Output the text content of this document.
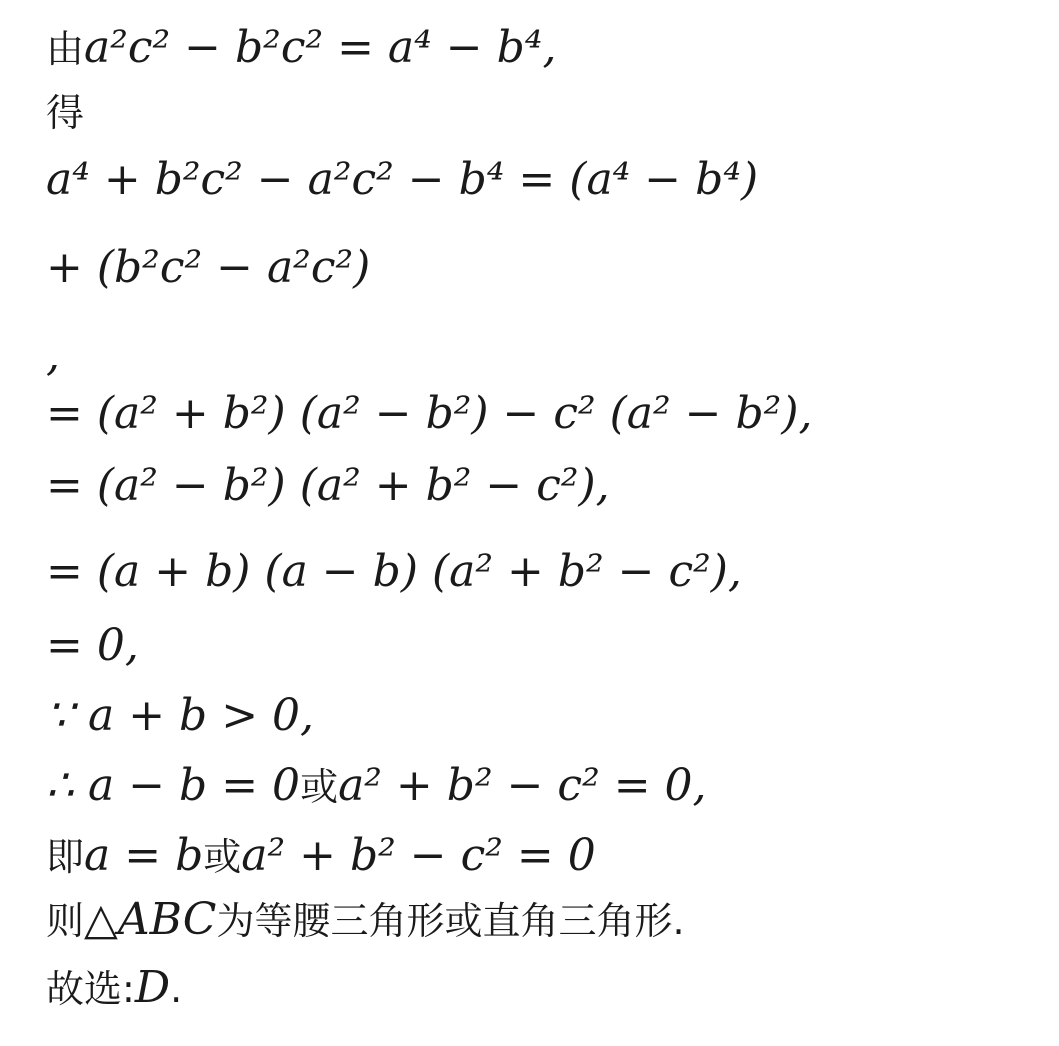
由a²c² − b²c² = a⁴ − b⁴,
得
a⁴ + b²c² − a²c² − b⁴ = (a⁴ − b⁴)
+ (b²c² − a²c²)
,
= (a² + b²) (a² − b²) − c² (a² − b²),
= (a² − b²) (a² + b² − c²),
= (a + b) (a − b) (a² + b² − c²),
= 0,
∵ a + b > 0,
∴ a − b = 0或a² + b² − c² = 0,
即a = b或a² + b² − c² = 0
则△ABC为等腰三角形或直角三角形.
故选:D.
